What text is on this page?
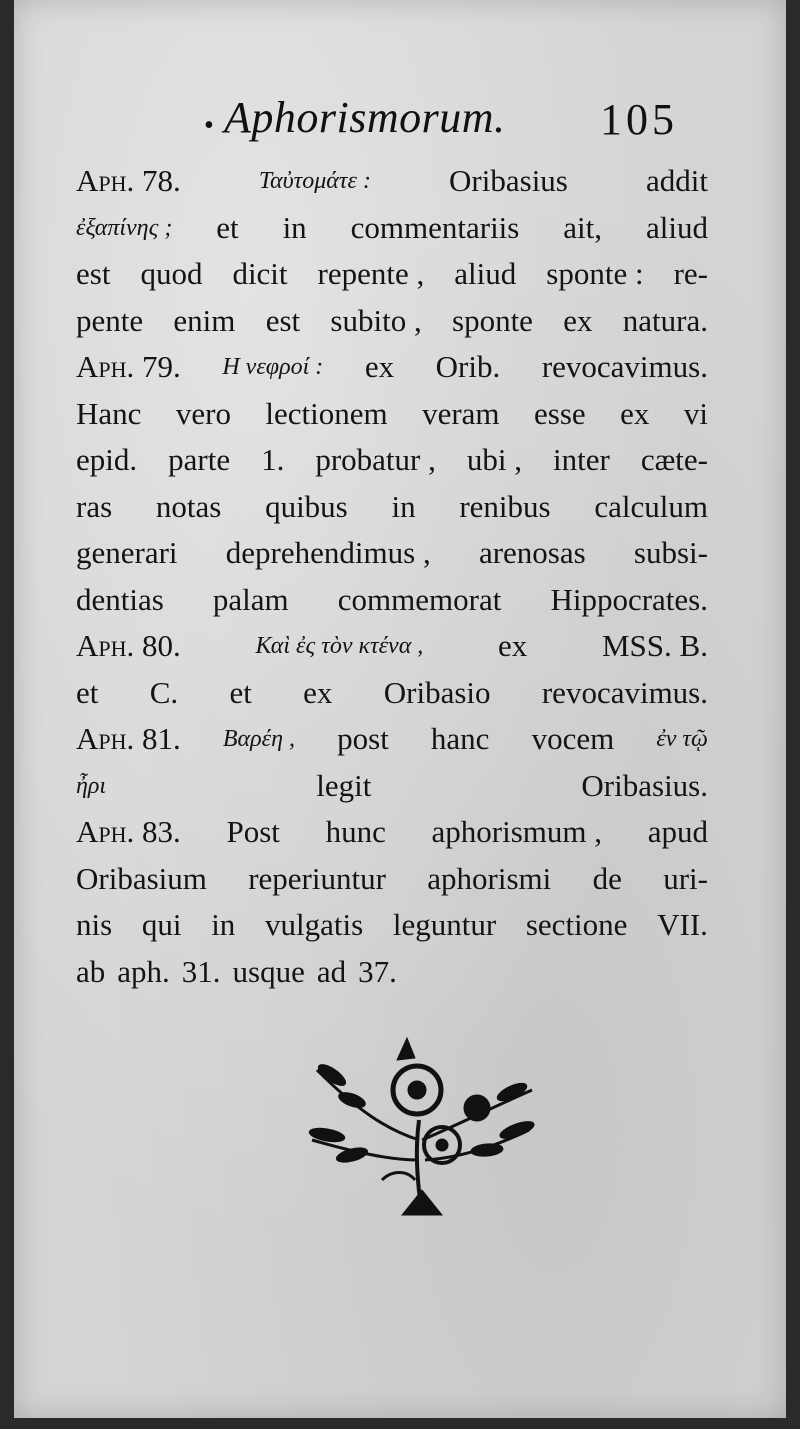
• Aphorismorum. 105
Aph. 78.	Ταὐτομάτε :	Oribasius	addit
ἐξαπίνης ; et in commentariis ait, aliud
est quod dicit repente , aliud sponte : re-
pente enim est subito , sponte ex natura.
Aph. 79. Η νεφροί : ex Orib. revocavimus.
Hanc vero lectionem veram esse ex vi
epid. parte 1. probatur , ubi , inter cæte-
ras notas quibus in renibus calculum
generari deprehendimus , arenosas subsi-
dentias palam commemorat Hippocrates.
Aph. 80.	Καὶ ἐς τὸν κτένα , ex MSS. B.
et C. et ex Oribasio revocavimus.
Aph. 81. Βαρέη , post hanc vocem ἐν τῷ
ἦρι	legit	Oribasius.
Aph. 83. Post hunc aphorismum , apud
Oribasium reperiuntur aphorismi de uri-
nis qui in vulgatis leguntur sectione VII.
ab aph. 31. usque ad 37.
